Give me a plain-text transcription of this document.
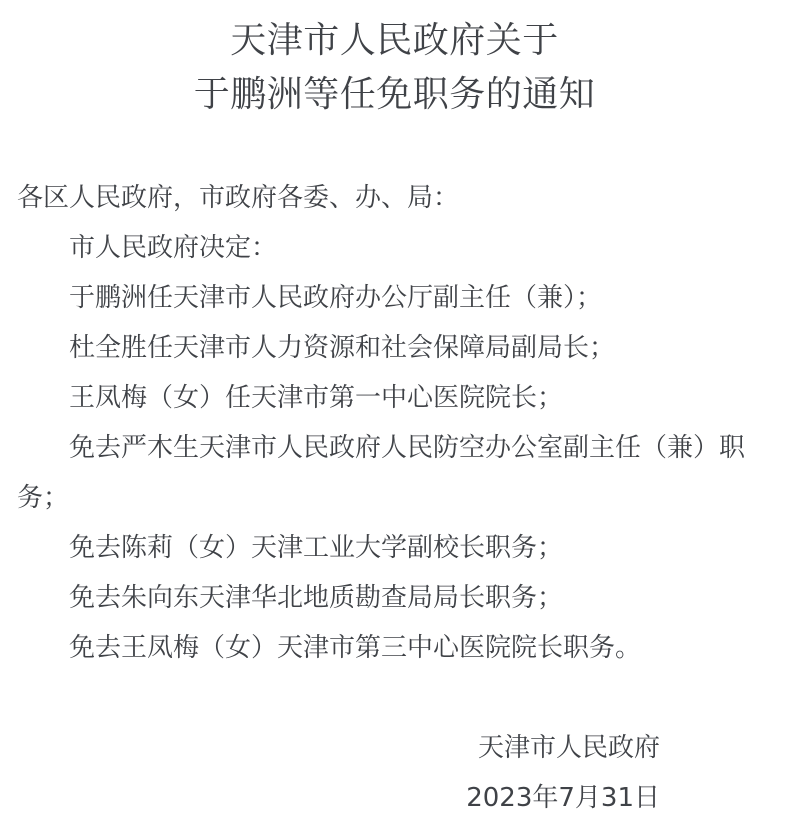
天津市人民政府关于
于鹏洲等任免职务的通知

各区人民政府，市政府各委、办、局：

市人民政府决定：

于鹏洲任天津市人民政府办公厅副主任（兼）；

杜全胜任天津市人力资源和社会保障局副局长；

王凤梅（女）任天津市第一中心医院院长；

免去严木生天津市人民政府人民防空办公室副主任（兼）职务；

免去陈莉（女）天津工业大学副校长职务；

免去朱向东天津华北地质勘查局局长职务；

免去王凤梅（女）天津市第三中心医院院长职务。

天津市人民政府

2023年7月31日
